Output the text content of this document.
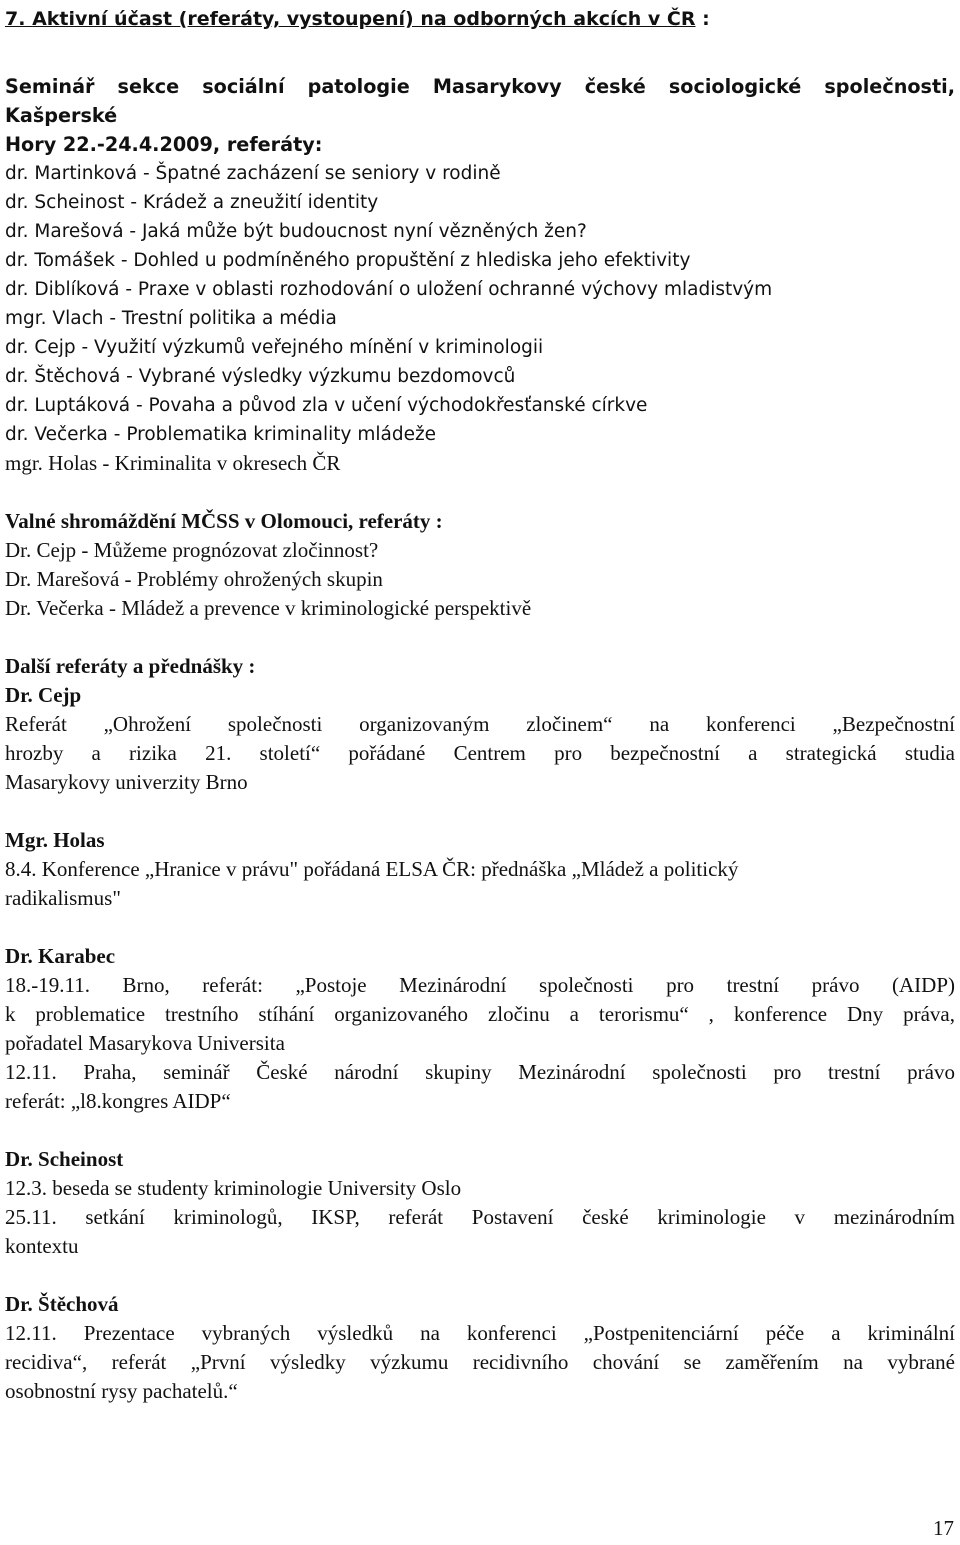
7. Aktivní účast (referáty, vystoupení) na odborných akcích v ČR :
Seminář sekce sociální patologie Masarykovy české sociologické společnosti, Kašperské
Hory 22.-24.4.2009, referáty:
dr. Martinková - Špatné zacházení se seniory v rodině
dr. Scheinost - Krádež a zneužití identity
dr. Marešová - Jaká může být budoucnost nyní vězněných žen?
dr. Tomášek - Dohled u podmíněného propuštění z hlediska jeho efektivity
dr. Diblíková - Praxe v oblasti rozhodování o uložení ochranné výchovy mladistvým
mgr. Vlach - Trestní politika a média
dr. Cejp - Využití výzkumů veřejného mínění v kriminologii
dr. Štěchová - Vybrané výsledky výzkumu bezdomovců
dr. Luptáková - Povaha a původ zla v učení východokřesťanské církve
dr. Večerka - Problematika kriminality mládeže
mgr. Holas - Kriminalita v okresech ČR
Valné shromáždění MČSS v Olomouci, referáty :
Dr. Cejp - Můžeme prognózovat zločinnost?
Dr. Marešová - Problémy ohrožených skupin
Dr. Večerka - Mládež a prevence v kriminologické perspektivě
Další referáty a přednášky :
Dr. Cejp
Referát „Ohrožení společnosti organizovaným zločinem“ na konferenci „Bezpečnostní
hrozby a rizika 21. století“ pořádané Centrem pro bezpečnostní a strategická studia
Masarykovy univerzity Brno
Mgr. Holas
8.4. Konference „Hranice v právu" pořádaná ELSA ČR: přednáška „Mládež a politický
radikalismus"
Dr. Karabec
18.-19.11. Brno, referát: „Postoje Mezinárodní společnosti pro trestní právo (AIDP)
k problematice trestního stíhání organizovaného zločinu a terorismu“ , konference Dny práva,
pořadatel Masarykova Universita
12.11. Praha, seminář České národní skupiny Mezinárodní společnosti pro trestní právo
referát: „l8.kongres AIDP“
Dr. Scheinost
12.3. beseda se studenty kriminologie University Oslo
25.11. setkání kriminologů, IKSP, referát Postavení české kriminologie v mezinárodním
kontextu
Dr. Štěchová
12.11. Prezentace vybraných výsledků na konferenci „Postpenitenciární péče a kriminální
recidiva“, referát „První výsledky výzkumu recidivního chování se zaměřením na vybrané
osobnostní rysy pachatelů.“
17
